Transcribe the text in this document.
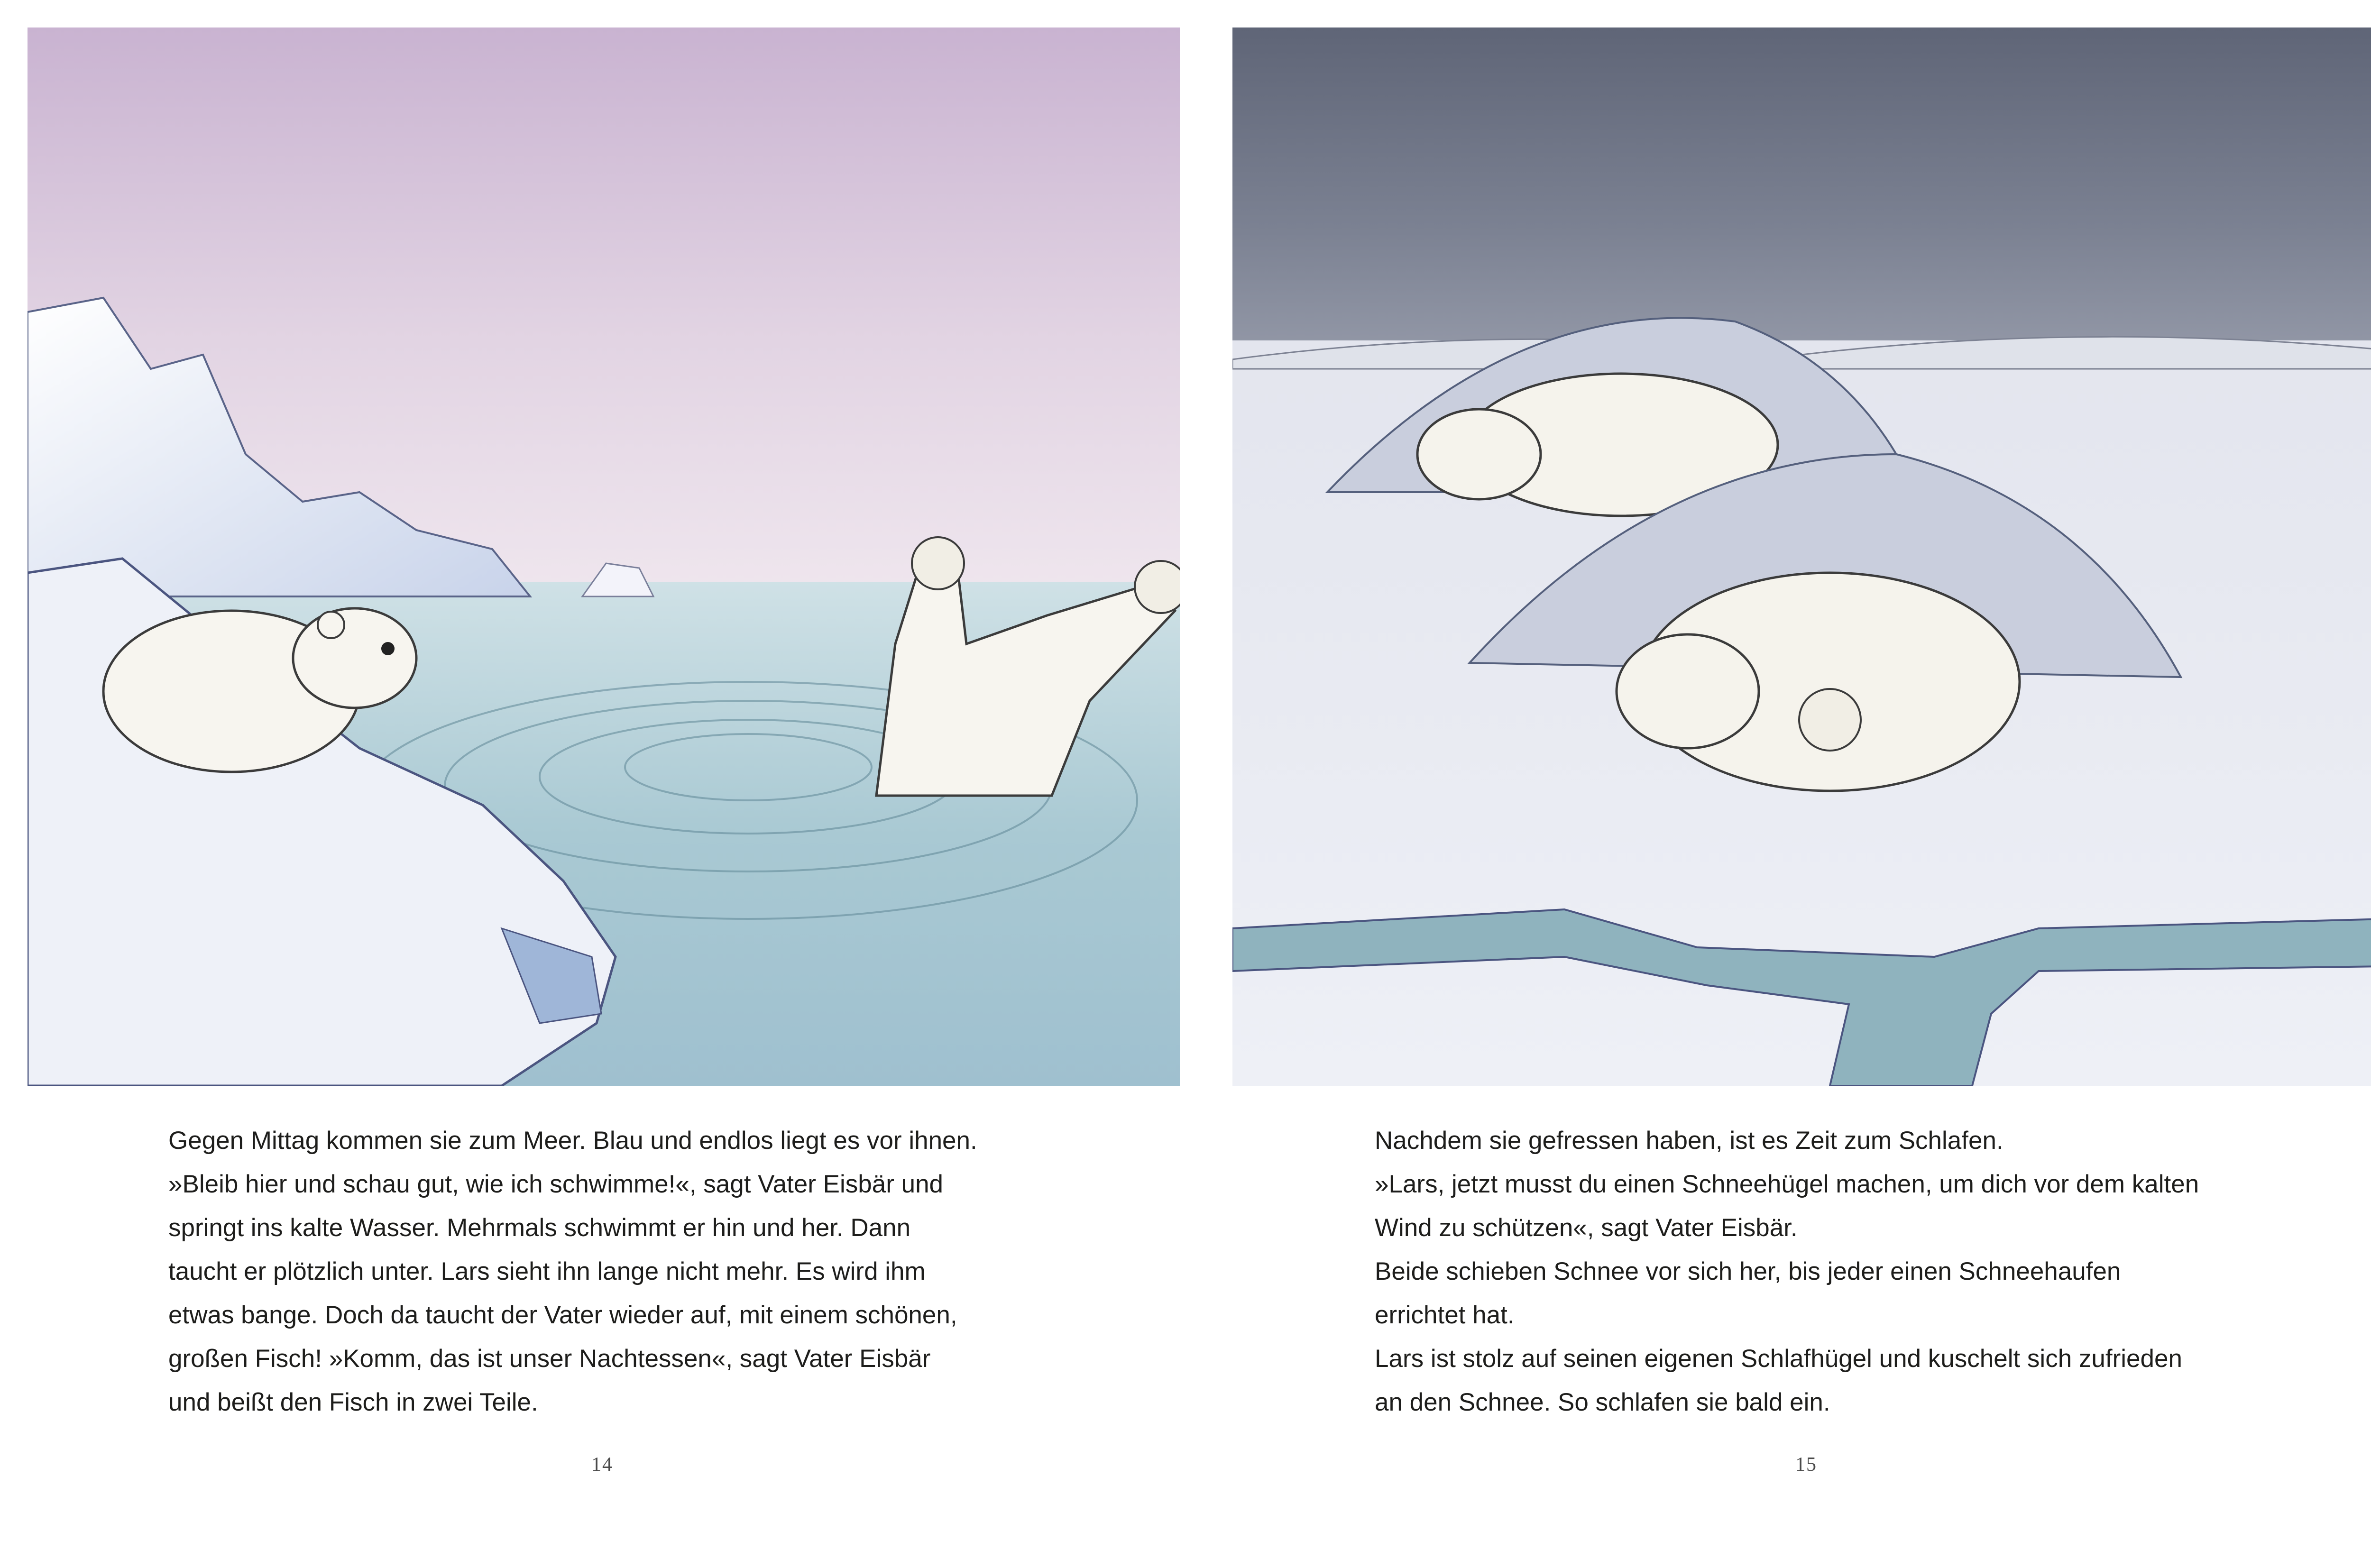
Gegen Mittag kommen sie zum Meer. Blau und endlos liegt es vor ihnen.
»Bleib hier und schau gut, wie ich schwimme!«, sagt Vater Eisbär und
springt ins kalte Wasser. Mehrmals schwimmt er hin und her. Dann
taucht er plötzlich unter. Lars sieht ihn lange nicht mehr. Es wird ihm
etwas bange. Doch da taucht der Vater wieder auf, mit einem schönen,
großen Fisch! »Komm, das ist unser Nachtessen«, sagt Vater Eisbär
und beißt den Fisch in zwei Teile.

14

Nachdem sie gefressen haben, ist es Zeit zum Schlafen.
»Lars, jetzt musst du einen Schneehügel machen, um dich vor dem kalten
Wind zu schützen«, sagt Vater Eisbär.
Beide schieben Schnee vor sich her, bis jeder einen Schneehaufen
errichtet hat.
Lars ist stolz auf seinen eigenen Schlafhügel und kuschelt sich zufrieden
an den Schnee. So schlafen sie bald ein.

15
